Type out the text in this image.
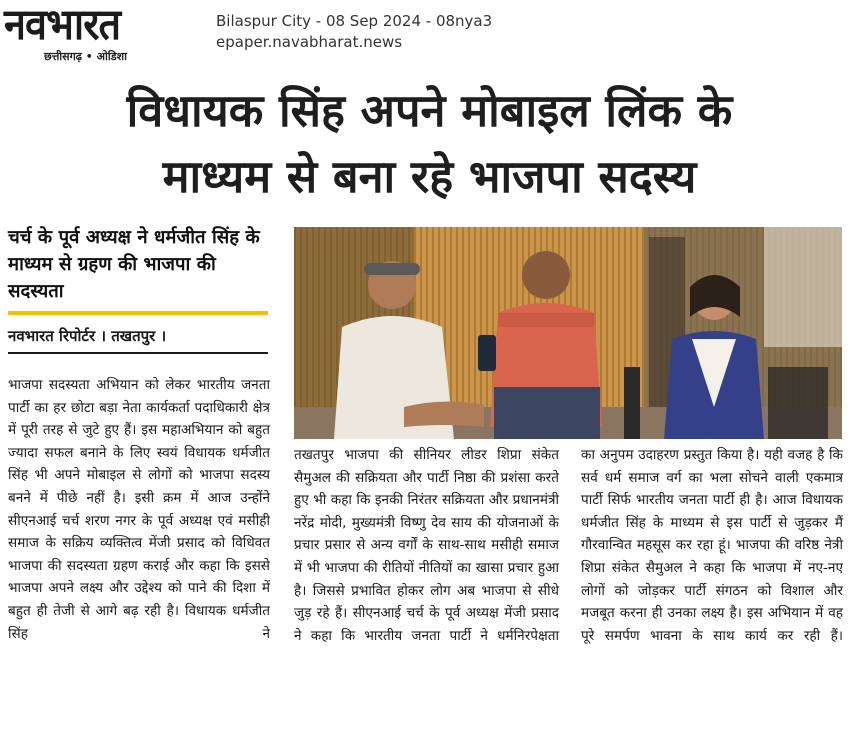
नवभारत
छत्तीसगढ़ • ओडिशा
Bilaspur City - 08 Sep 2024 - 08nya3
epaper.navabharat.news
विधायक सिंह अपने मोबाइल लिंक के
माध्यम से बना रहे भाजपा सदस्य
चर्च के पूर्व अध्यक्ष ने धर्मजीत सिंह के माध्यम से ग्रहण की भाजपा की सदस्यता
नवभारत रिपोर्टर । तखतपुर ।

भाजपा सदस्यता अभियान को लेकर भारतीय जनता पार्टी का हर छोटा बड़ा नेता कार्यकर्ता पदाधिकारी क्षेत्र में पूरी तरह से जुटे हुए हैं। इस महाअभियान को बहुत ज्यादा सफल बनाने के लिए स्वयं विधायक धर्मजीत सिंह भी अपने मोबाइल से लोगों को भाजपा सदस्य बनने में पीछे नहीं है। इसी क्रम में आज उन्होंने सीएनआई चर्च शरण नगर के पूर्व अध्यक्ष एवं मसीही समाज के सक्रिय व्यक्तित्व मेंजी प्रसाद को विधिवत भाजपा की सदस्यता ग्रहण कराई और कहा कि इससे भाजपा अपने लक्ष्य और उद्देश्य को पाने की दिशा में बहुत ही तेजी से आगे बढ़ रही है। विधायक धर्मजीत सिंह ने

तखतपुर भाजपा की सीनियर लीडर शिप्रा संकेत सैमुअल की सक्रियता और पार्टी निष्ठा की प्रशंसा करते हुए भी कहा कि इनकी निरंतर सक्रियता और प्रधानमंत्री नरेंद्र मोदी, मुख्यमंत्री विष्णु देव साय की योजनाओं के प्रचार प्रसार से अन्य वर्गों के साथ-साथ मसीही समाज में भी भाजपा की रीतियों नीतियों का खासा प्रचार हुआ है। जिससे प्रभावित होकर लोग अब भाजपा से सीधे जुड़ रहे हैं। सीएनआई चर्च के पूर्व अध्यक्ष मेंजी प्रसाद ने कहा कि भारतीय जनता पार्टी ने धर्मनिरपेक्षता

का अनुपम उदाहरण प्रस्तुत किया है। यही वजह है कि सर्व धर्म समाज वर्ग का भला सोचने वाली एकमात्र पार्टी सिर्फ भारतीय जनता पार्टी ही है। आज विधायक धर्मजीत सिंह के माध्यम से इस पार्टी से जुड़कर मैं गौरवान्वित महसूस कर रहा हूं। भाजपा की वरिष्ठ नेत्री शिप्रा संकेत सैमुअल ने कहा कि भाजपा में नए-नए लोगों को जोड़कर पार्टी संगठन को विशाल और मजबूत करना ही उनका लक्ष्य है। इस अभियान में वह पूरे समर्पण भावना के साथ कार्य कर रही हैं।
